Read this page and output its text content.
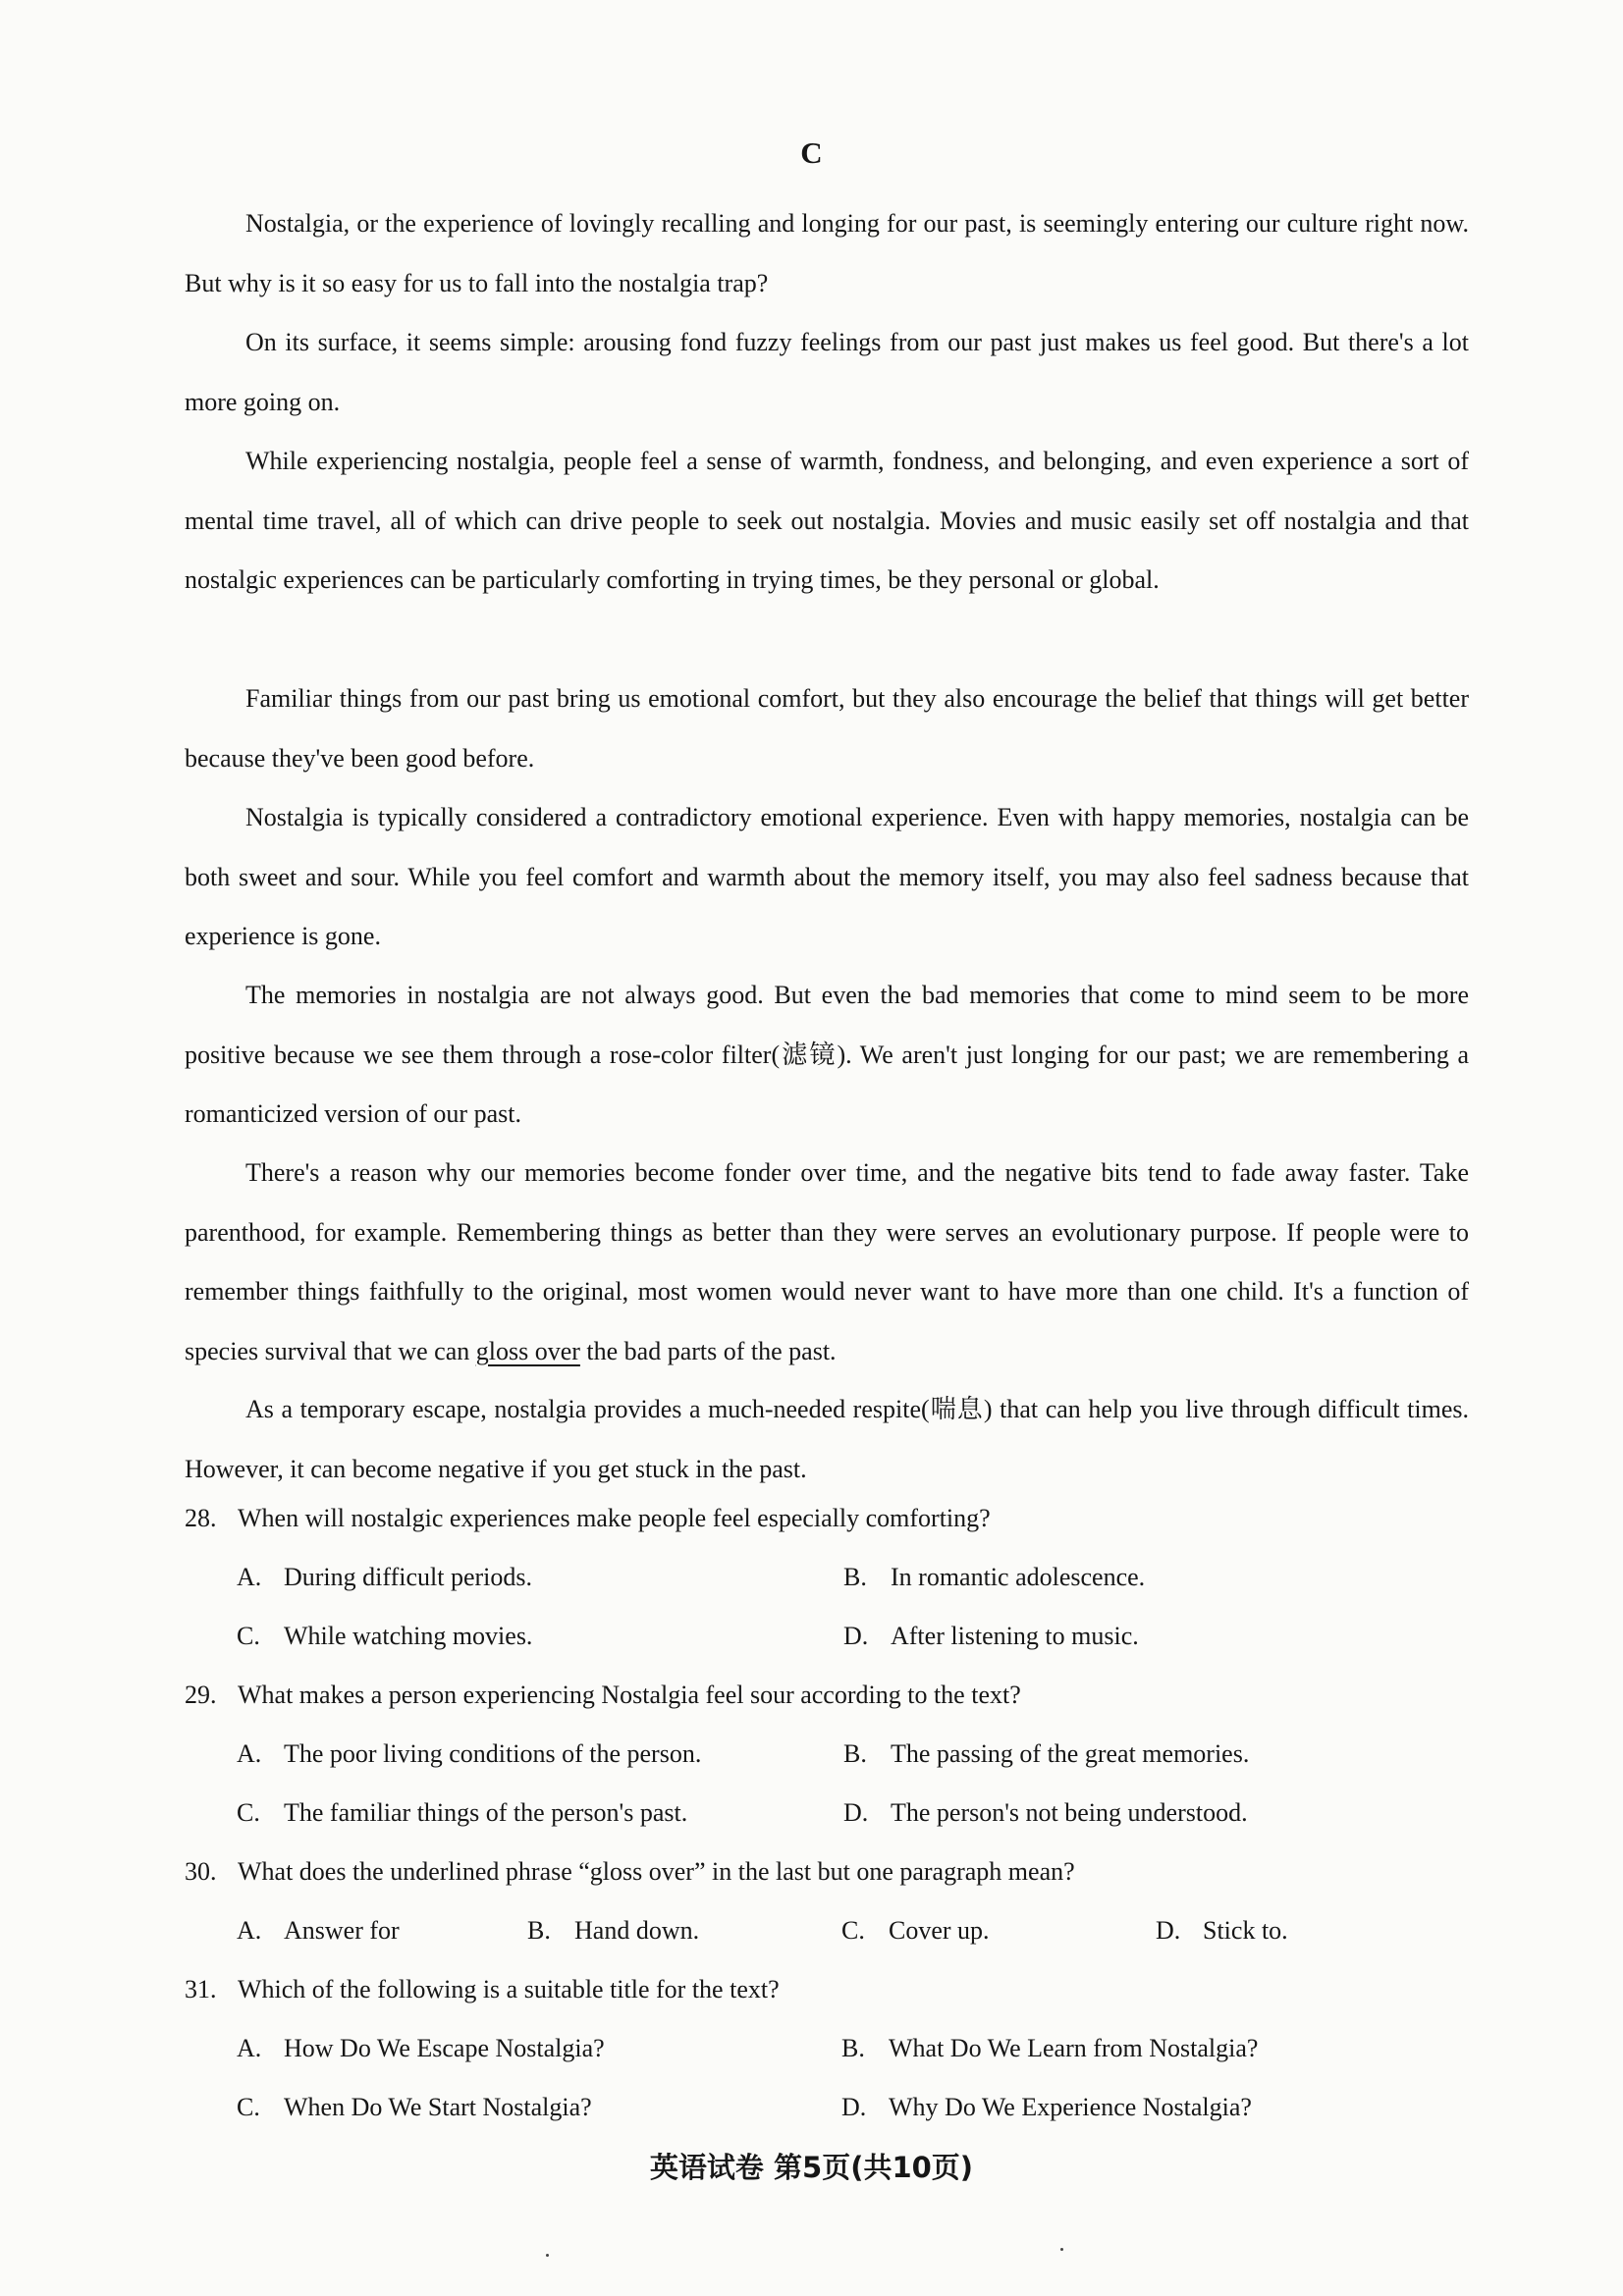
C

Nostalgia, or the experience of lovingly recalling and longing for our past, is seemingly entering our culture right now. But why is it so easy for us to fall into the nostalgia trap?

On its surface, it seems simple: arousing fond fuzzy feelings from our past just makes us feel good. But there's a lot more going on.

While experiencing nostalgia, people feel a sense of warmth, fondness, and belonging, and even experience a sort of mental time travel, all of which can drive people to seek out nostalgia. Movies and music easily set off nostalgia and that nostalgic experiences can be particularly comforting in trying times, be they personal or global.

Familiar things from our past bring us emotional comfort, but they also encourage the belief that things will get better because they've been good before.

Nostalgia is typically considered a contradictory emotional experience. Even with happy memories, nostalgia can be both sweet and sour. While you feel comfort and warmth about the memory itself, you may also feel sadness because that experience is gone.

The memories in nostalgia are not always good. But even the bad memories that come to mind seem to be more positive because we see them through a rose-color filter(滤镜). We aren't just longing for our past; we are remembering a romanticized version of our past.

There's a reason why our memories become fonder over time, and the negative bits tend to fade away faster. Take parenthood, for example. Remembering things as better than they were serves an evolutionary purpose. If people were to remember things faithfully to the original, most women would never want to have more than one child. It's a function of species survival that we can gloss over the bad parts of the past.

As a temporary escape, nostalgia provides a much-needed respite(喘息) that can help you live through difficult times. However, it can become negative if you get stuck in the past.

28. When will nostalgic experiences make people feel especially comforting?
A. During difficult periods.	B. In romantic adolescence.
C. While watching movies.	D. After listening to music.
29. What makes a person experiencing Nostalgia feel sour according to the text?
A. The poor living conditions of the person.	B. The passing of the great memories.
C. The familiar things of the person's past.	D. The person's not being understood.
30. What does the underlined phrase “gloss over” in the last but one paragraph mean?
A. Answer for	B. Hand down.	C. Cover up.	D. Stick to.
31. Which of the following is a suitable title for the text?
A. How Do We Escape Nostalgia?	B. What Do We Learn from Nostalgia?
C. When Do We Start Nostalgia?	D. Why Do We Experience Nostalgia?
英语试卷 第5页(共10页)
